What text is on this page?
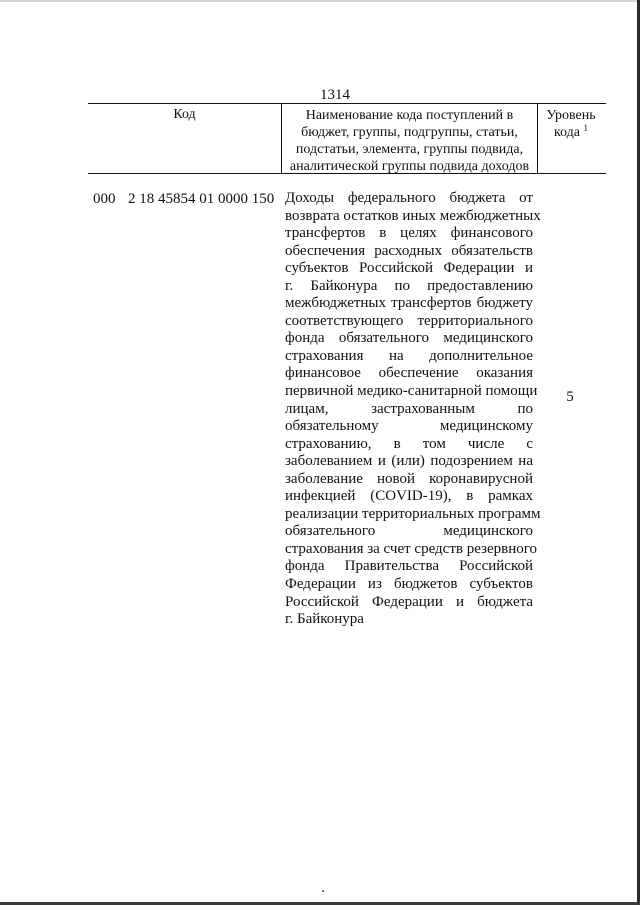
1314
Код	Наименование кода поступлений в
бюджет, группы, подгруппы, статьи,
подстатьи, элемента, группы подвида,
аналитической группы подвида доходов
Уровень
кода $^1$
000 2 18 45854 01 0000 150 Доходы федерального бюджета от
возврата остатков иных межбюджетных
трансфертов в целях финансового
обеспечения расходных обязательств
субъектов Российской Федерации и
г. Байконура по предоставлению
межбюджетных трансфертов бюджету
соответствующего территориального
фонда обязательного медицинского
страхования на дополнительное
финансовое обеспечение оказания
первичной медико-санитарной помощи
лицам, застрахованным по
обязательному медицинскому
страхованию, в том числе с
заболеванием и (или) подозрением на
заболевание новой коронавирусной
инфекцией (COVID-19), в рамках
реализации территориальных программ
обязательного медицинского
страхования за счет средств резервного
фонда Правительства Российской
Федерации из бюджетов субъектов
Российской Федерации и бюджета
г. Байконура
5
